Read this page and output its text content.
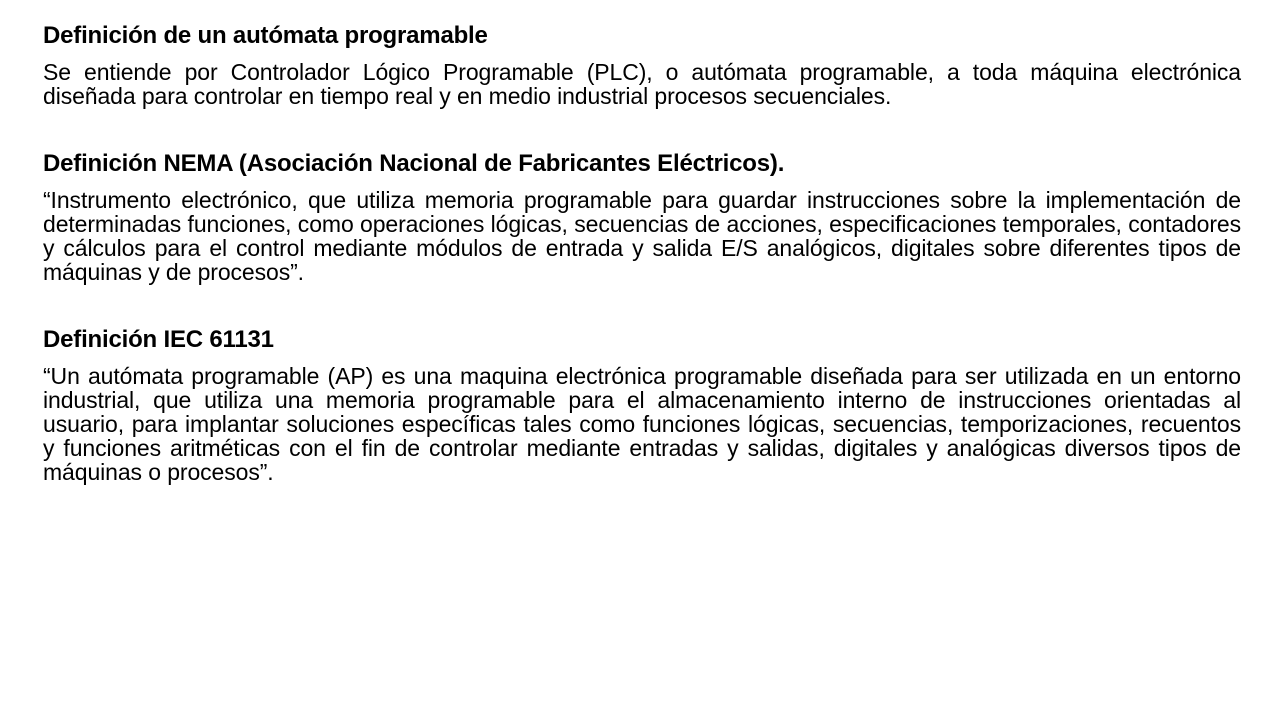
Definición de un autómata programable

Se entiende por Controlador Lógico Programable (PLC), o autómata programable, a toda máquina electrónica diseñada para controlar en tiempo real y en medio industrial procesos secuenciales.

Definición NEMA (Asociación Nacional de Fabricantes Eléctricos).

“Instrumento electrónico, que utiliza memoria programable para guardar instrucciones sobre la implementación de determinadas funciones, como operaciones lógicas, secuencias de acciones, especificaciones temporales, contadores y cálculos para el control mediante módulos de entrada y salida E/S analógicos, digitales sobre diferentes tipos de máquinas y de procesos”.

Definición IEC 61131

“Un autómata programable (AP) es una maquina electrónica programable diseñada para ser utilizada en un entorno industrial, que utiliza una memoria programable para el almacenamiento interno de instrucciones orientadas al usuario, para implantar soluciones específicas tales como funciones lógicas, secuencias, temporizaciones, recuentos y funciones aritméticas con el fin de controlar mediante entradas y salidas, digitales y analógicas diversos tipos de máquinas o procesos”.
